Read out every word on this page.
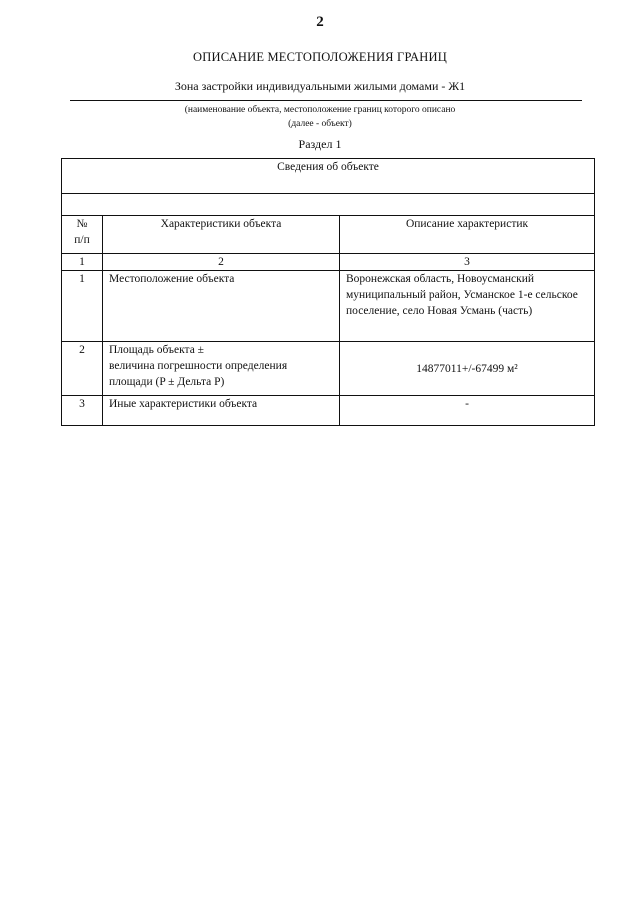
2
ОПИСАНИЕ МЕСТОПОЛОЖЕНИЯ ГРАНИЦ
Зона застройки индивидуальными жилыми домами - Ж1
(наименование объекта, местоположение границ которого описано
(далее - объект)
Раздел 1
Сведения об объекте		

№
п/п	Характеристики объекта	Описание характеристик
1	2	3
1	Местоположение объекта	Воронежская область, Новоусманский муниципальный район, Усманское 1-е сельское поселение, село Новая Усмань (часть)
2	Площадь объекта ±
величина погрешности определения площади (P ± Дельта P)	14877011+/-67499 м²
3	Иные характеристики объекта	-
